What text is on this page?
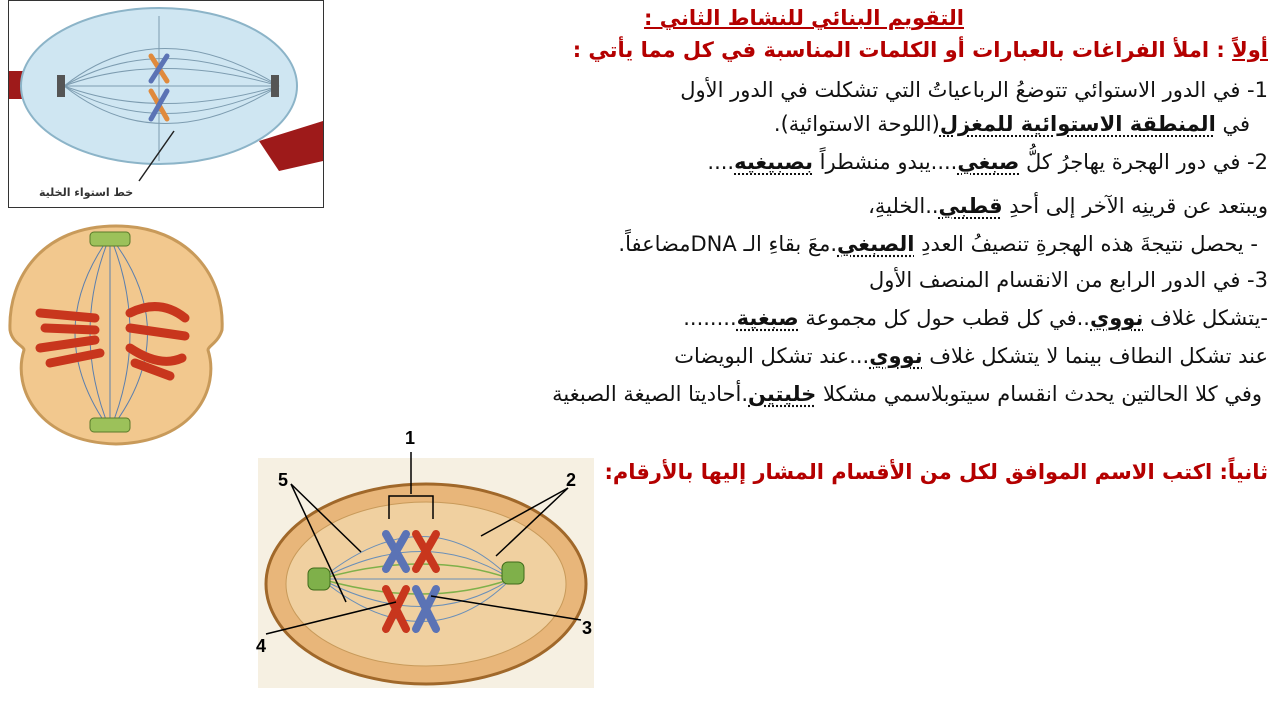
خط استواء الخلية
1
2
3
4
5
التقويم البنائي للنشاط الثاني :
أولاً : املأ الفراغات بالعبارات أو الكلمات المناسبة في كل مما يأتي :
1- في الدور الاستوائي تتوضعُ الرباعياتُ التي تشكلت في الدور الأول
في المنطقة الاستوائية للمغزل(اللوحة الاستوائية).
2- في دور الهجرة يهاجرُ كلُّ صبغي....يبدو منشطراً بصبيغيه....
ويبتعد عن قرينِه الآخر إلى أحدِ قطبي..الخليةِ،
- يحصل نتيجةَ هذه الهجرةِ تنصيفُ العددِ الصبغي.معَ بقاءِ الـ DNAمضاعفاً.
3- في الدور الرابع من الانقسام المنصف الأول
-يتشكل غلاف نووي..في كل قطب حول كل مجموعة صبغية........
عند تشكل النطاف بينما لا يتشكل غلاف نووي...عند تشكل البويضات
وفي كلا الحالتين يحدث انقسام سيتوبلاسمي مشكلا خليتين.أحاديتا الصيغة الصبغية
ثانياً: اكتب الاسم الموافق لكل من الأقسام المشار إليها بالأرقام:
